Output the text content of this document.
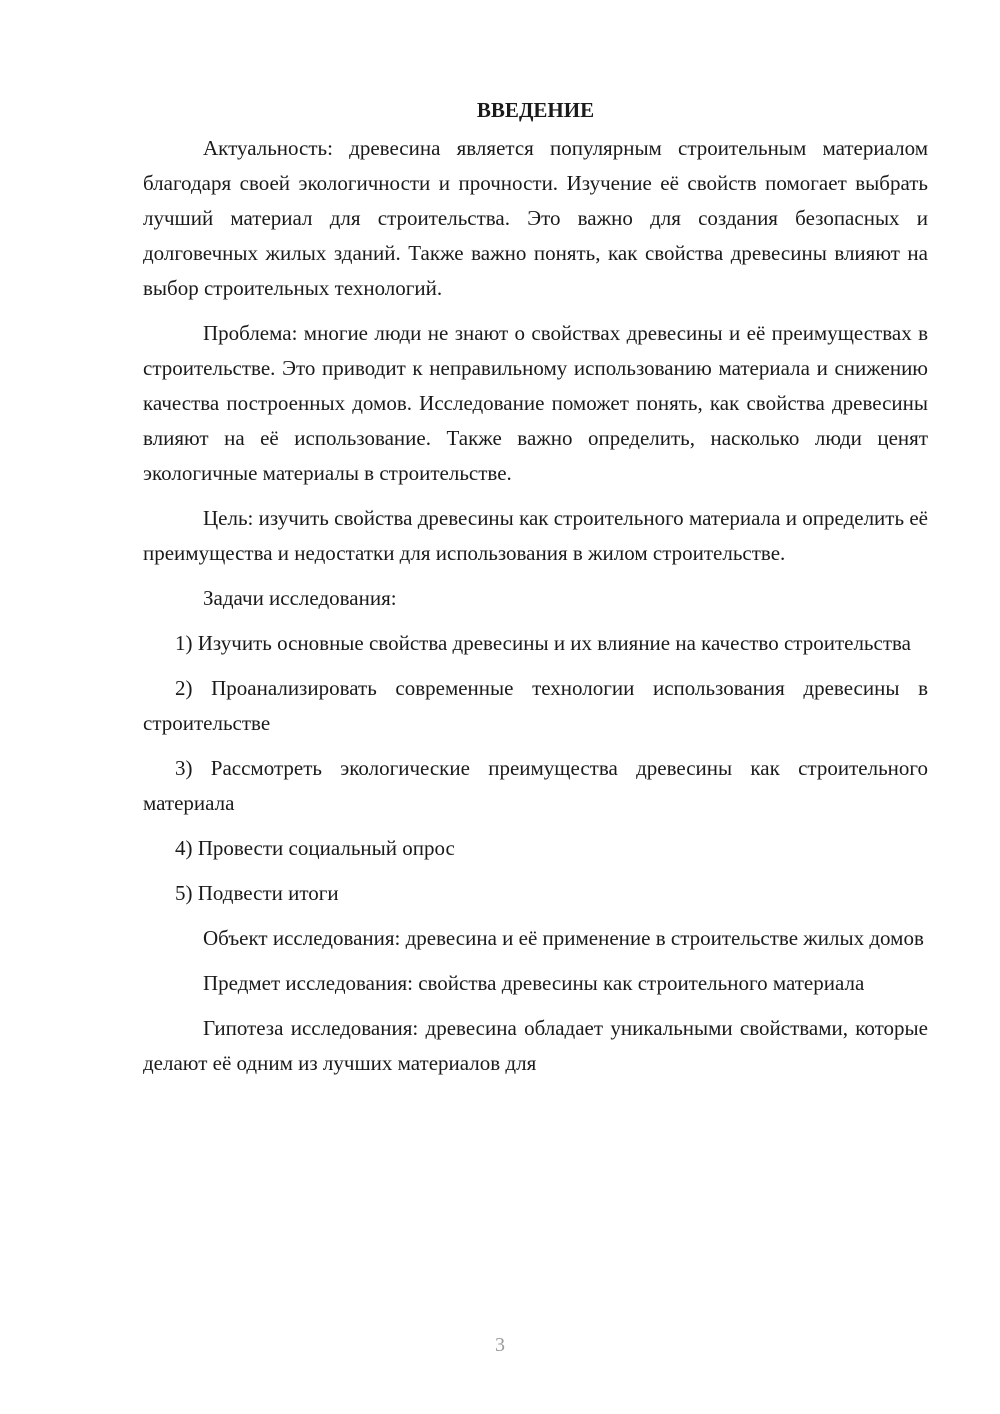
ВВЕДЕНИЕ

Актуальность: древесина является популярным строительным материалом благодаря своей экологичности и прочности. Изучение её свойств помогает выбрать лучший материал для строительства. Это важно для создания безопасных и долговечных жилых зданий. Также важно понять, как свойства древесины влияют на выбор строительных технологий.

Проблема: многие люди не знают о свойствах древесины и её преимуществах в строительстве. Это приводит к неправильному использованию материала и снижению качества построенных домов. Исследование поможет понять, как свойства древесины влияют на её использование. Также важно определить, насколько люди ценят экологичные материалы в строительстве.

Цель: изучить свойства древесины как строительного материала и определить её преимущества и недостатки для использования в жилом строительстве.

Задачи исследования:

1) Изучить основные свойства древесины и их влияние на качество строительства

2) Проанализировать современные технологии использования древесины в строительстве

3) Рассмотреть экологические преимущества древесины как строительного материала

4) Провести социальный опрос

5) Подвести итоги

Объект исследования: древесина и её применение в строительстве жилых домов

Предмет исследования: свойства древесины как строительного материала

Гипотеза исследования: древесина обладает уникальными свойствами, которые делают её одним из лучших материалов для

3
